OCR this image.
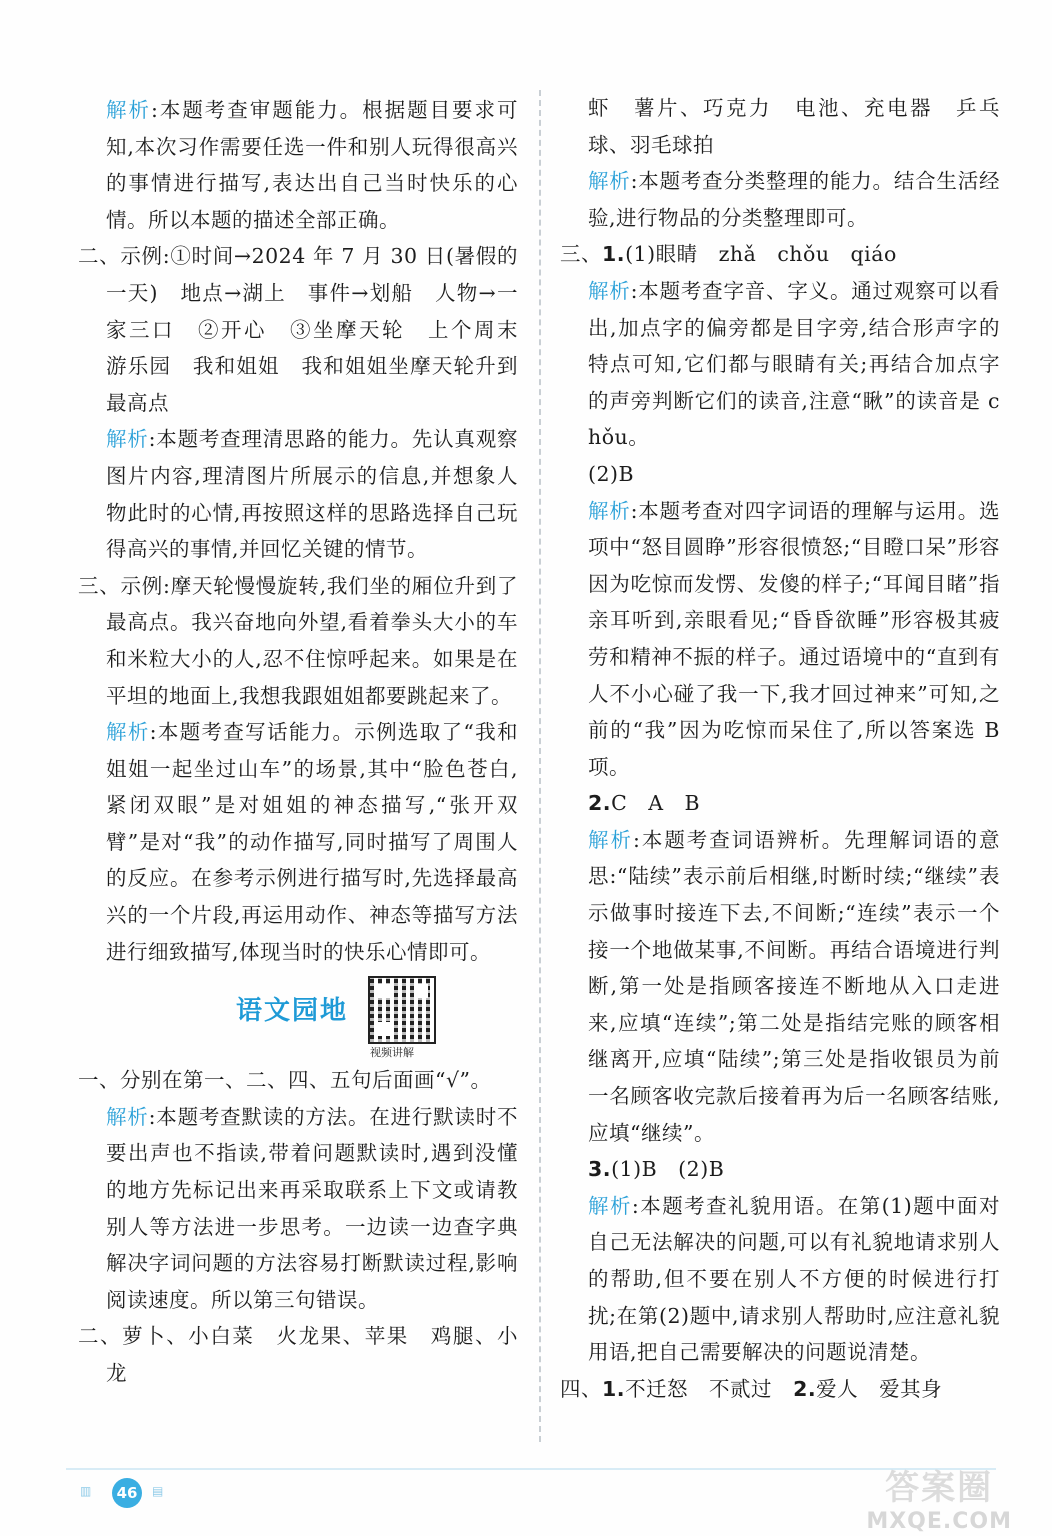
解析:本题考查审题能力。根据题目要求可知,本次习作需要任选一件和别人玩得很高兴的事情进行描写,表达出自己当时快乐的心情。所以本题的描述全部正确。
二、示例:①时间→2024 年 7 月 30 日(暑假的一天)　地点→湖上　事件→划船　人物→一家三口　②开心　③坐摩天轮　上个周末　游乐园　我和姐姐　我和姐姐坐摩天轮升到最高点
解析:本题考查理清思路的能力。先认真观察图片内容,理清图片所展示的信息,并想象人物此时的心情,再按照这样的思路选择自己玩得高兴的事情,并回忆关键的情节。
三、示例:摩天轮慢慢旋转,我们坐的厢位升到了最高点。我兴奋地向外望,看着拳头大小的车和米粒大小的人,忍不住惊呼起来。如果是在平坦的地面上,我想我跟姐姐都要跳起来了。
解析:本题考查写话能力。示例选取了“我和姐姐一起坐过山车”的场景,其中“脸色苍白,紧闭双眼”是对姐姐的神态描写,“张开双臂”是对“我”的动作描写,同时描写了周围人的反应。在参考示例进行描写时,先选择最高兴的一个片段,再运用动作、神态等描写方法进行细致描写,体现当时的快乐心情即可。
语文园地
视频讲解
一、分别在第一、二、四、五句后面画“√”。
解析:本题考查默读的方法。在进行默读时不要出声也不指读,带着问题默读时,遇到没懂的地方先标记出来再采取联系上下文或请教别人等方法进一步思考。一边读一边查字典解决字词问题的方法容易打断默读过程,影响阅读速度。所以第三句错误。
二、萝卜、小白菜　火龙果、苹果　鸡腿、小龙
虾　薯片、巧克力　电池、充电器　乒乓球、羽毛球拍
解析:本题考查分类整理的能力。结合生活经验,进行物品的分类整理即可。
三、1.(1)眼睛　zhǎ　chǒu　qiáo
解析:本题考查字音、字义。通过观察可以看出,加点字的偏旁都是目字旁,结合形声字的特点可知,它们都与眼睛有关;再结合加点字的声旁判断它们的读音,注意“瞅”的读音是 chǒu。
(2)B
解析:本题考查对四字词语的理解与运用。选项中“怒目圆睁”形容很愤怒;“目瞪口呆”形容因为吃惊而发愣、发傻的样子;“耳闻目睹”指亲耳听到,亲眼看见;“昏昏欲睡”形容极其疲劳和精神不振的样子。通过语境中的“直到有人不小心碰了我一下,我才回过神来”可知,之前的“我”因为吃惊而呆住了,所以答案选 B 项。
2.C　A　B
解析:本题考查词语辨析。先理解词语的意思:“陆续”表示前后相继,时断时续;“继续”表示做事时接连下去,不间断;“连续”表示一个接一个地做某事,不间断。再结合语境进行判断,第一处是指顾客接连不断地从入口走进来,应填“连续”;第二处是指结完账的顾客相继离开,应填“陆续”;第三处是指收银员为前一名顾客收完款后接着再为后一名顾客结账,应填“继续”。
3.(1)B　(2)B
解析:本题考查礼貌用语。在第(1)题中面对自己无法解决的问题,可以有礼貌地请求别人的帮助,但不要在别人不方便的时候进行打扰;在第(2)题中,请求别人帮助时,应注意礼貌用语,把自己需要解决的问题说清楚。
四、1.不迁怒　不贰过　 2.爱人　爱其身
▥	46	▤	答案圈
MXQE.COM
